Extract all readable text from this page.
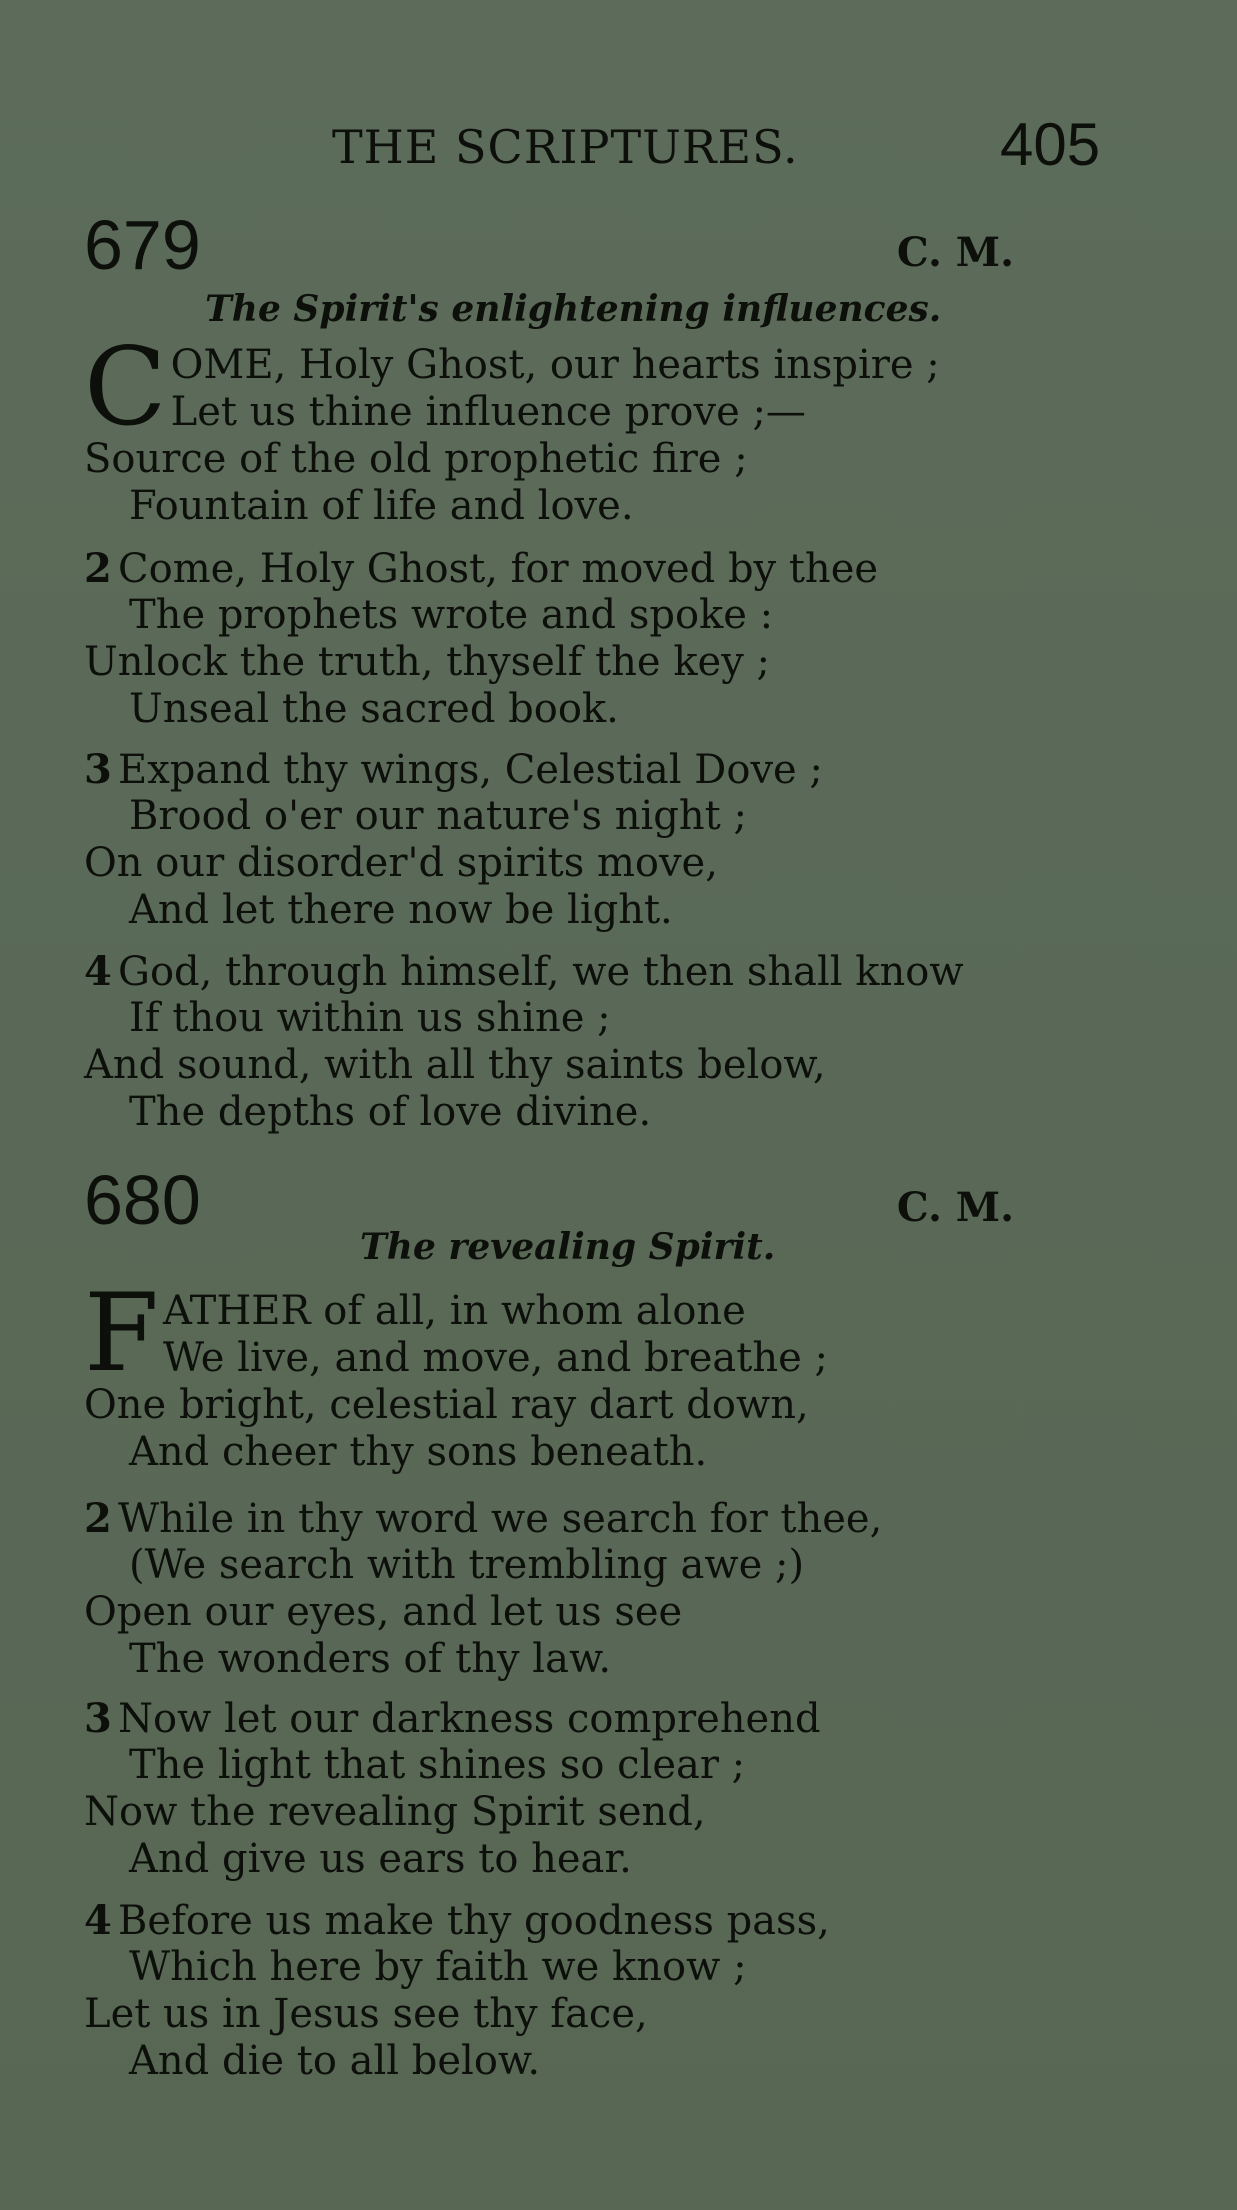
THE SCRIPTURES.	405
679	C. M.
The Spirit's enlightening influences.
C OME, Holy Ghost, our hearts inspire ;
Let us thine influence prove ;—
Source of the old prophetic fire ;
Fountain of life and love.
2 Come, Holy Ghost, for moved by thee
The prophets wrote and spoke :
Unlock the truth, thyself the key ;
Unseal the sacred book.
3 Expand thy wings, Celestial Dove ;
Brood o'er our nature's night ;
On our disorder'd spirits move,
And let there now be light.
4 God, through himself, we then shall know
If thou within us shine ;
And sound, with all thy saints below,
The depths of love divine.
680	C. M.
The revealing Spirit.
F ATHER of all, in whom alone
We live, and move, and breathe ;
One bright, celestial ray dart down,
And cheer thy sons beneath.
2 While in thy word we search for thee,
(We search with trembling awe ;)
Open our eyes, and let us see
The wonders of thy law.
3 Now let our darkness comprehend
The light that shines so clear ;
Now the revealing Spirit send,
And give us ears to hear.
4 Before us make thy goodness pass,
Which here by faith we know ;
Let us in Jesus see thy face,
And die to all below.
